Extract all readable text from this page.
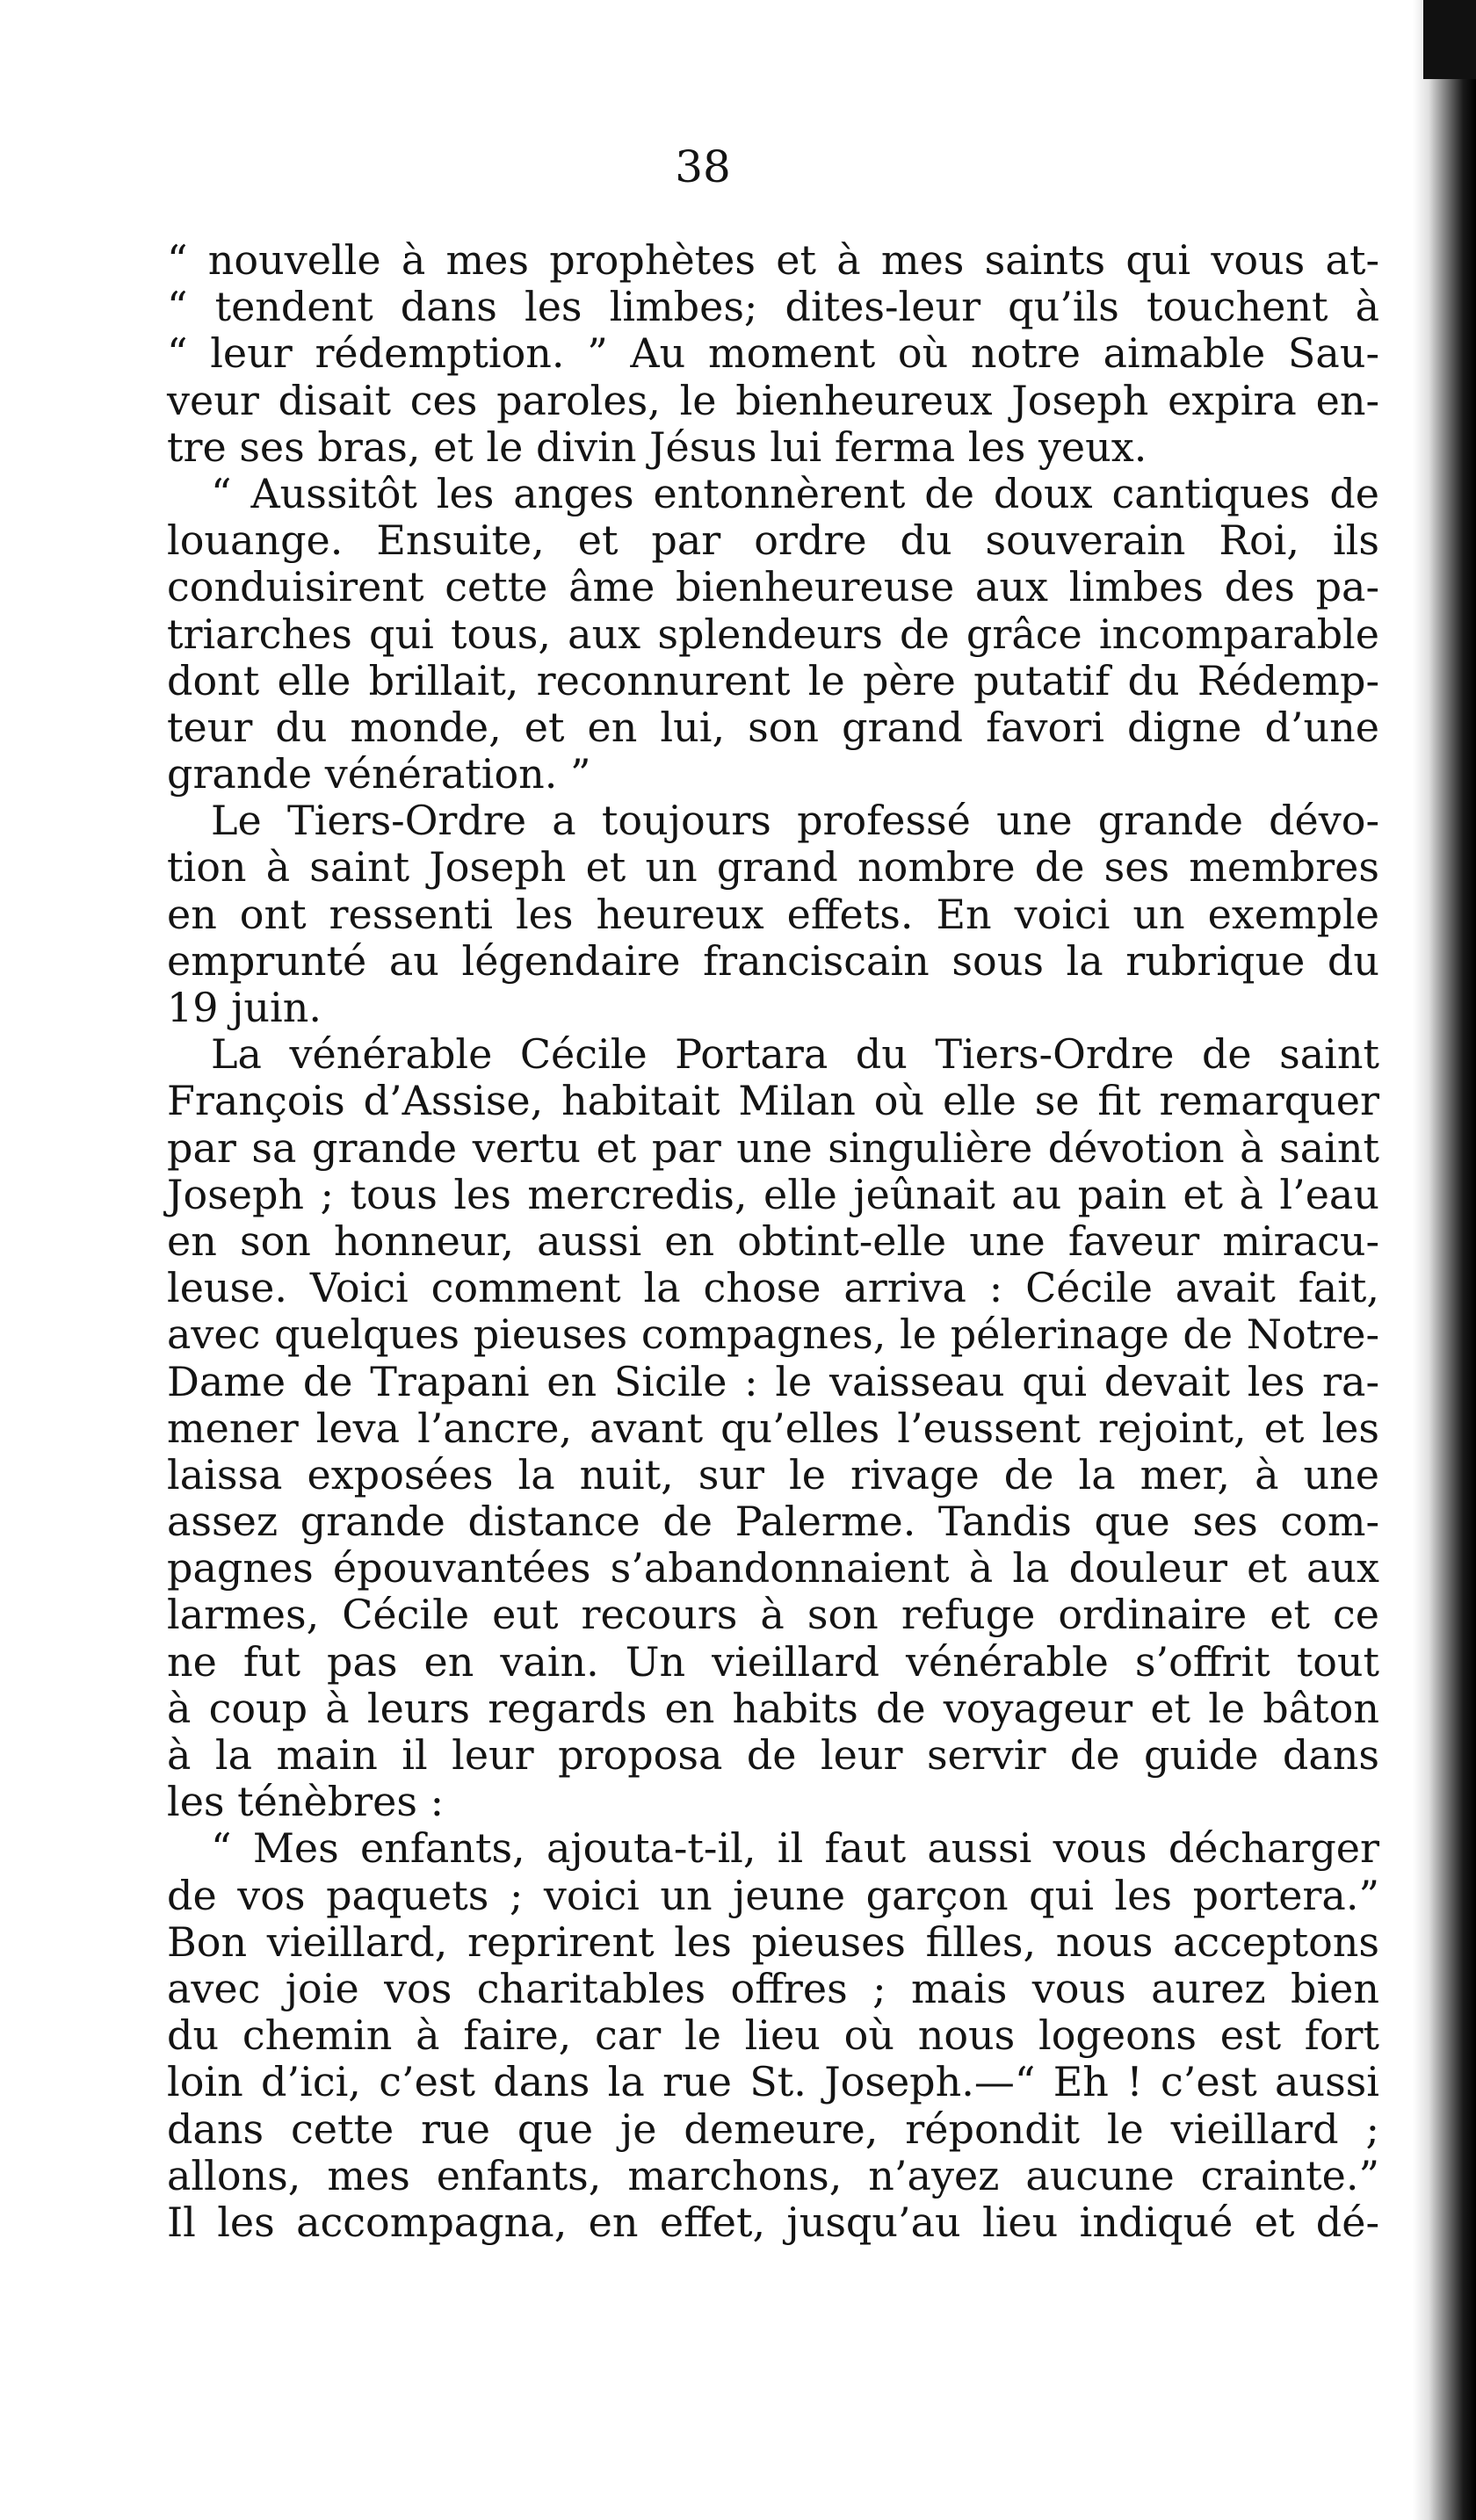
38
“ nouvelle à mes prophètes et à mes saints qui vous at-
“ tendent dans les limbes; dites-leur qu’ils touchent à
“ leur rédemption. ” Au moment où notre aimable Sau-
veur disait ces paroles, le bienheureux Joseph expira en-
tre ses bras, et le divin Jésus lui ferma les yeux.
“ Aussitôt les anges entonnèrent de doux cantiques de
louange. Ensuite, et par ordre du souverain Roi, ils
conduisirent cette âme bienheureuse aux limbes des pa-
triarches qui tous, aux splendeurs de grâce incomparable
dont elle brillait, reconnurent le père putatif du Rédemp-
teur du monde, et en lui, son grand favori digne d’une
grande vénération. ”
Le Tiers-Ordre a toujours professé une grande dévo-
tion à saint Joseph et un grand nombre de ses membres
en ont ressenti les heureux effets. En voici un exemple
emprunté au légendaire franciscain sous la rubrique du
19 juin.
La vénérable Cécile Portara du Tiers-Ordre de saint
François d’Assise, habitait Milan où elle se fit remarquer
par sa grande vertu et par une singulière dévotion à saint
Joseph ; tous les mercredis, elle jeûnait au pain et à l’eau
en son honneur, aussi en obtint-elle une faveur miracu-
leuse. Voici comment la chose arriva : Cécile avait fait,
avec quelques pieuses compagnes, le pélerinage de Notre-
Dame de Trapani en Sicile : le vaisseau qui devait les ra-
mener leva l’ancre, avant qu’elles l’eussent rejoint, et les
laissa exposées la nuit, sur le rivage de la mer, à une
assez grande distance de Palerme. Tandis que ses com-
pagnes épouvantées s’abandonnaient à la douleur et aux
larmes, Cécile eut recours à son refuge ordinaire et ce
ne fut pas en vain. Un vieillard vénérable s’offrit tout
à coup à leurs regards en habits de voyageur et le bâton
à la main il leur proposa de leur servir de guide dans
les ténèbres :
“ Mes enfants, ajouta-t-il, il faut aussi vous décharger
de vos paquets ; voici un jeune garçon qui les portera.”
Bon vieillard, reprirent les pieuses filles, nous acceptons
avec joie vos charitables offres ; mais vous aurez bien
du chemin à faire, car le lieu où nous logeons est fort
loin d’ici, c’est dans la rue St. Joseph.—“ Eh ! c’est aussi
dans cette rue que je demeure, répondit le vieillard ;
allons, mes enfants, marchons, n’ayez aucune crainte.”
Il les accompagna, en effet, jusqu’au lieu indiqué et dé-
